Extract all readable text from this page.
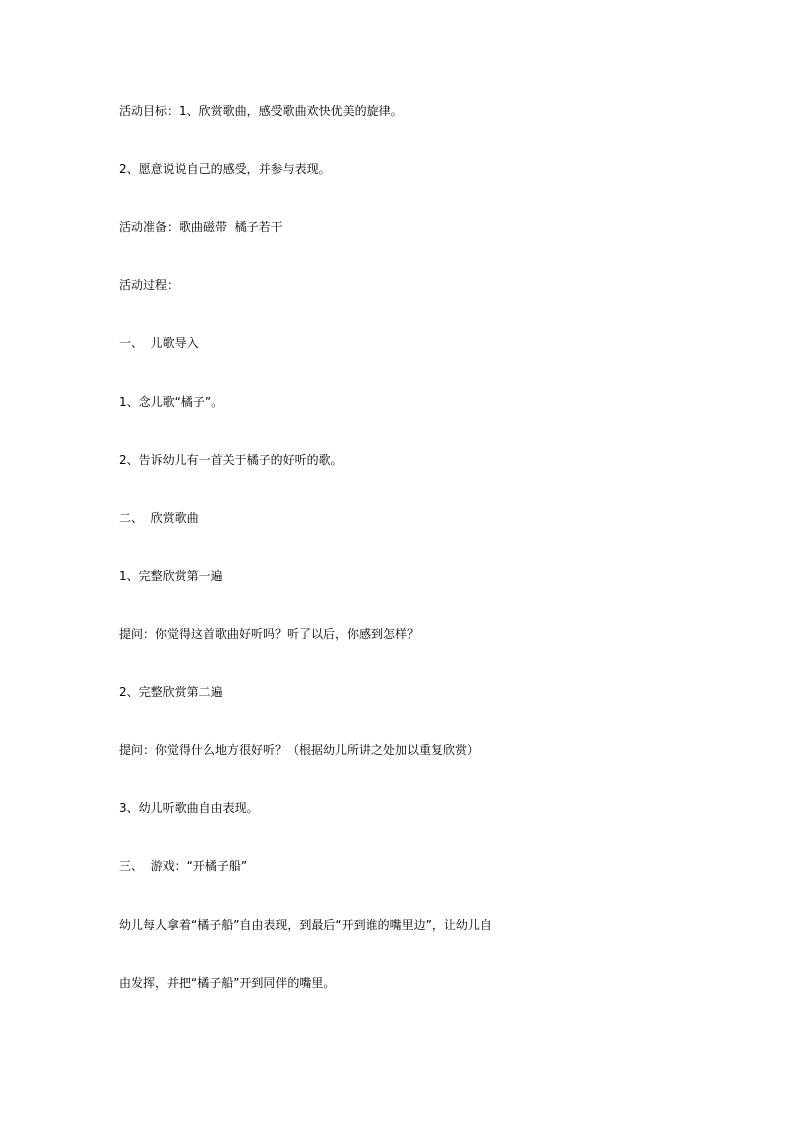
活动目标：1、欣赏歌曲，感受歌曲欢快优美的旋律。
2、愿意说说自己的感受，并参与表现。
活动准备：歌曲磁带  橘子若干
活动过程：
一、  儿歌导入
1、念儿歌“橘子”。
2、告诉幼儿有一首关于橘子的好听的歌。
二、  欣赏歌曲
1、完整欣赏第一遍
提问：你觉得这首歌曲好听吗？听了以后，你感到怎样？
2、完整欣赏第二遍
提问：你觉得什么地方很好听？（根据幼儿所讲之处加以重复欣赏）
3、幼儿听歌曲自由表现。
三、  游戏：“开橘子船”
幼儿每人拿着“橘子船”自由表现，到最后“开到谁的嘴里边”，让幼儿自
由发挥，并把“橘子船”开到同伴的嘴里。
